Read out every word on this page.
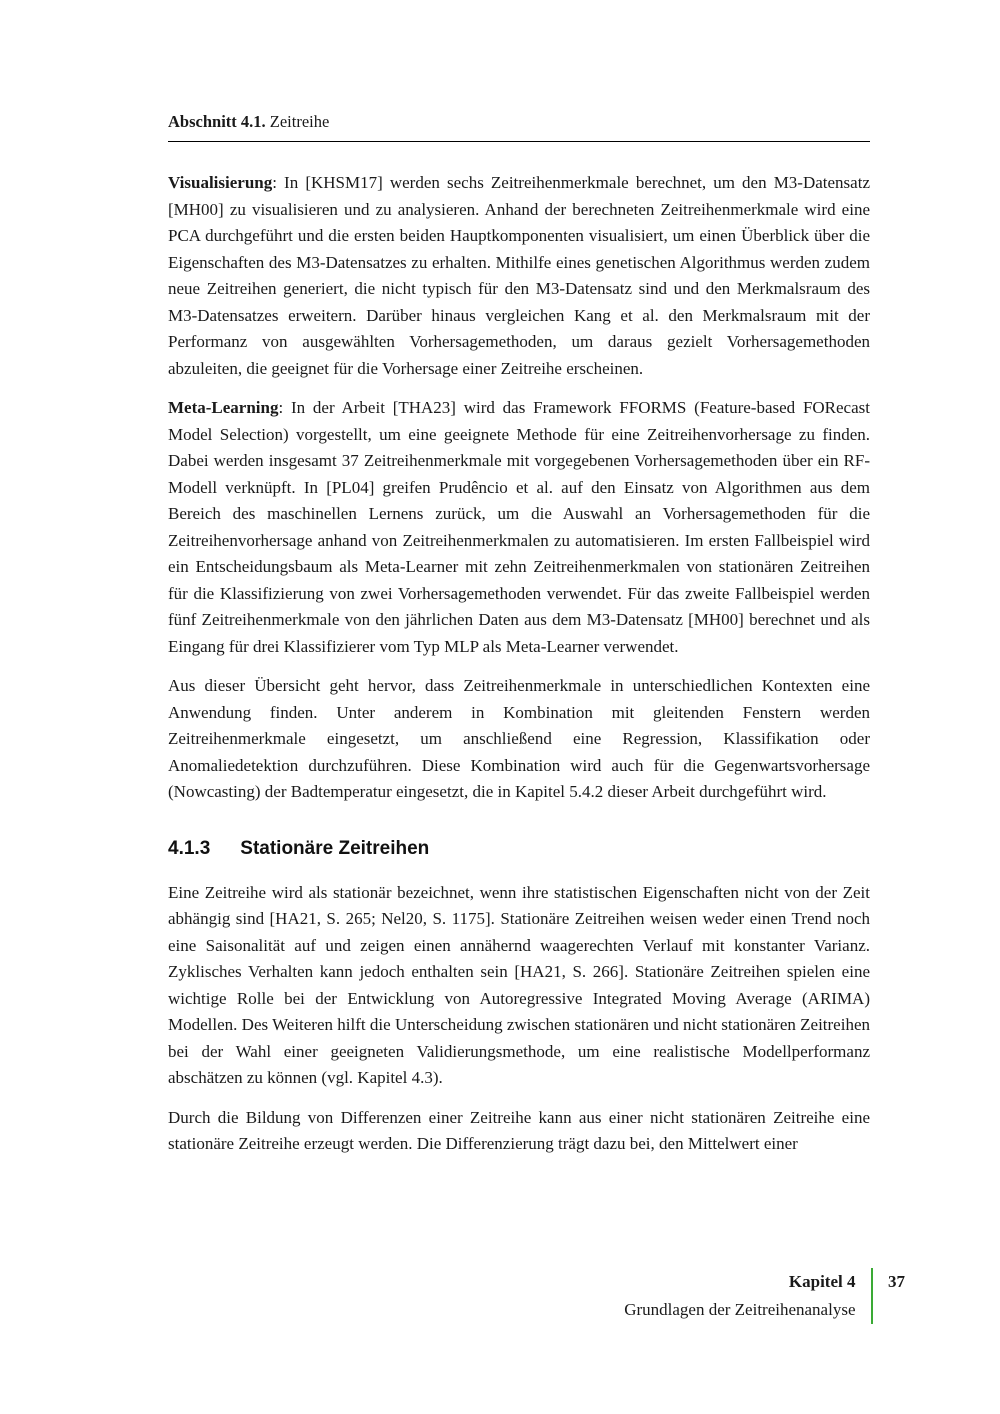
Abschnitt 4.1. Zeitreihe

Visualisierung: In [KHSM17] werden sechs Zeitreihenmerkmale berechnet, um den M3-Datensatz [MH00] zu visualisieren und zu analysieren. Anhand der berechneten Zeitreihenmerkmale wird eine PCA durchgeführt und die ersten beiden Hauptkomponenten visualisiert, um einen Überblick über die Eigenschaften des M3-Datensatzes zu erhalten. Mithilfe eines genetischen Algorithmus werden zudem neue Zeitreihen generiert, die nicht typisch für den M3-Datensatz sind und den Merkmalsraum des M3-Datensatzes erweitern. Darüber hinaus vergleichen Kang et al. den Merkmalsraum mit der Performanz von ausgewählten Vorhersagemethoden, um daraus gezielt Vorhersagemethoden abzuleiten, die geeignet für die Vorhersage einer Zeitreihe erscheinen.

Meta-Learning: In der Arbeit [THA23] wird das Framework FFORMS (Feature-based FORecast Model Selection) vorgestellt, um eine geeignete Methode für eine Zeitreihenvorhersage zu finden. Dabei werden insgesamt 37 Zeitreihenmerkmale mit vorgegebenen Vorhersagemethoden über ein RF-Modell verknüpft. In [PL04] greifen Prudêncio et al. auf den Einsatz von Algorithmen aus dem Bereich des maschinellen Lernens zurück, um die Auswahl an Vorhersagemethoden für die Zeitreihenvorhersage anhand von Zeitreihenmerkmalen zu automatisieren. Im ersten Fallbeispiel wird ein Entscheidungsbaum als Meta-Learner mit zehn Zeitreihenmerkmalen von stationären Zeitreihen für die Klassifizierung von zwei Vorhersagemethoden verwendet. Für das zweite Fallbeispiel werden fünf Zeitreihenmerkmale von den jährlichen Daten aus dem M3-Datensatz [MH00] berechnet und als Eingang für drei Klassifizierer vom Typ MLP als Meta-Learner verwendet.

Aus dieser Übersicht geht hervor, dass Zeitreihenmerkmale in unterschiedlichen Kontexten eine Anwendung finden. Unter anderem in Kombination mit gleitenden Fenstern werden Zeitreihenmerkmale eingesetzt, um anschließend eine Regression, Klassifikation oder Anomaliedetektion durchzuführen. Diese Kombination wird auch für die Gegenwartsvorhersage (Nowcasting) der Badtemperatur eingesetzt, die in Kapitel 5.4.2 dieser Arbeit durchgeführt wird.

4.1.3 Stationäre Zeitreihen

Eine Zeitreihe wird als stationär bezeichnet, wenn ihre statistischen Eigenschaften nicht von der Zeit abhängig sind [HA21, S. 265; Nel20, S. 1175]. Stationäre Zeitreihen weisen weder einen Trend noch eine Saisonalität auf und zeigen einen annähernd waagerechten Verlauf mit konstanter Varianz. Zyklisches Verhalten kann jedoch enthalten sein [HA21, S. 266]. Stationäre Zeitreihen spielen eine wichtige Rolle bei der Entwicklung von Autoregressive Integrated Moving Average (ARIMA) Modellen. Des Weiteren hilft die Unterscheidung zwischen stationären und nicht stationären Zeitreihen bei der Wahl einer geeigneten Validierungsmethode, um eine realistische Modellperformanz abschätzen zu können (vgl. Kapitel 4.3).

Durch die Bildung von Differenzen einer Zeitreihe kann aus einer nicht stationären Zeitreihe eine stationäre Zeitreihe erzeugt werden. Die Differenzierung trägt dazu bei, den Mittelwert einer

Kapitel 4
Grundlagen der Zeitreihenanalyse
37
